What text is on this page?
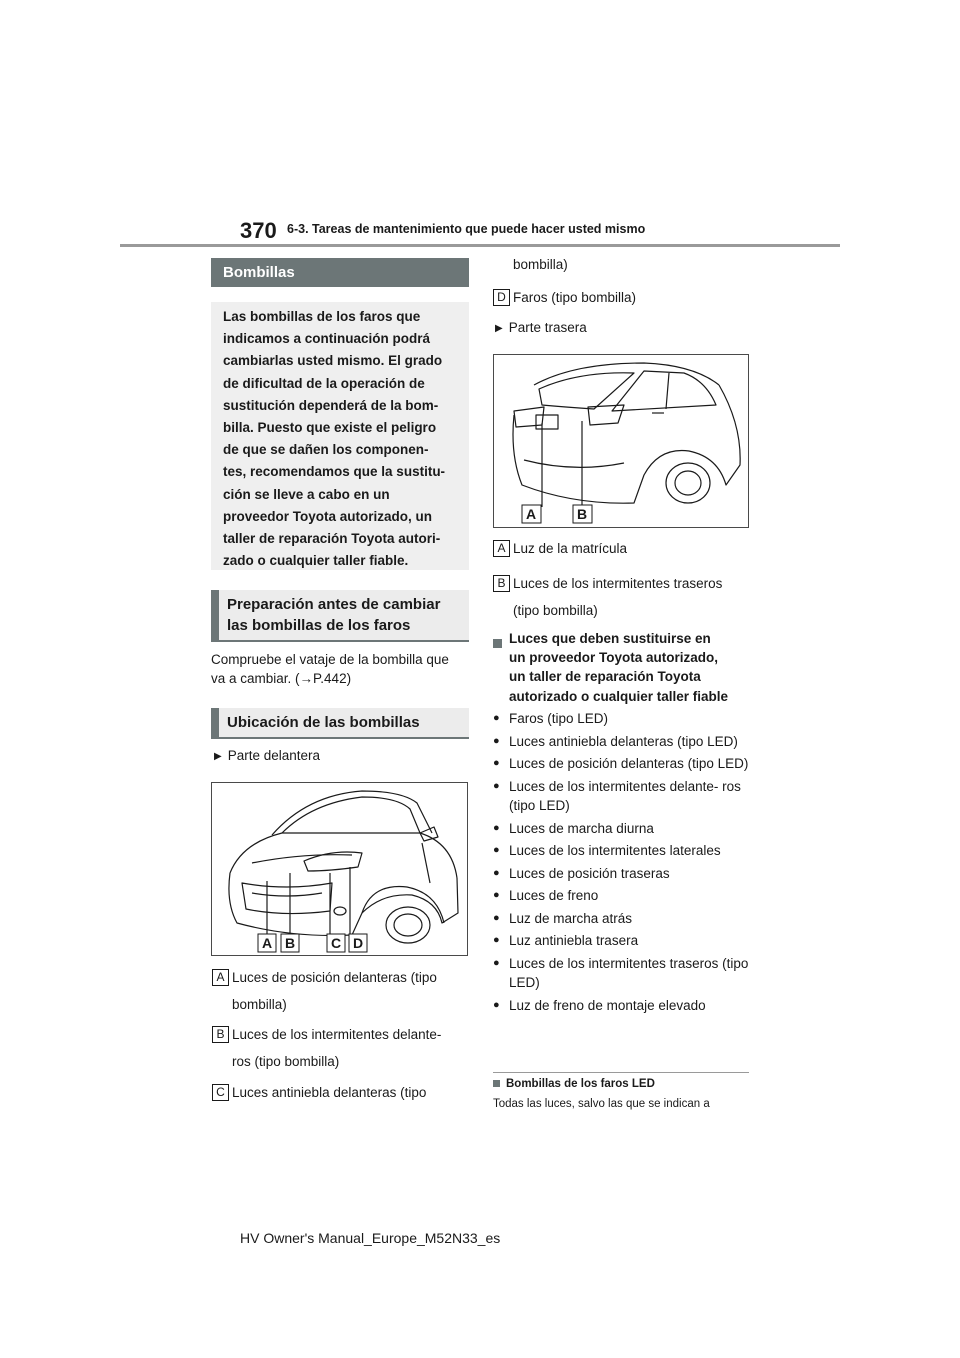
370 6-3. Tareas de mantenimiento que puede hacer usted mismo
Bombillas
Las bombillas de los faros que
indicamos a continuación podrá
cambiarlas usted mismo. El grado
de dificultad de la operación de
sustitución dependerá de la bom-
billa. Puesto que existe el peligro
de que se dañen los componen-
tes, recomendamos que la sustitu-
ción se lleve a cabo en un
proveedor Toyota autorizado, un
taller de reparación Toyota autori-
zado o cualquier taller fiable.
Preparación antes de cambiar
las bombillas de los faros
Compruebe el vataje de la bombilla que
va a cambiar. (→P.442)
Ubicación de las bombillas
▶ Parte delantera
A B	C D
A Luces de posición delanteras (tipo
bombilla)
B Luces de los intermitentes delante-
ros (tipo bombilla)
C Luces antiniebla delanteras (tipo
bombilla)
D Faros (tipo bombilla)
▶ Parte trasera
A	B
A Luz de la matrícula
B Luces de los intermitentes traseros
(tipo bombilla)
Luces que deben sustituirse en
un proveedor Toyota autorizado,
un taller de reparación Toyota
autorizado o cualquier taller fiable
● Faros (tipo LED)
● Luces antiniebla delanteras (tipo LED)
● Luces de posición delanteras (tipo LED)
● Luces de los intermitentes delante- ros (tipo LED)
● Luces de marcha diurna
● Luces de los intermitentes laterales
● Luces de posición traseras
● Luces de freno
● Luz de marcha atrás
● Luz antiniebla trasera
● Luces de los intermitentes traseros (tipo LED)
● Luz de freno de montaje elevado
Bombillas de los faros LED
Todas las luces, salvo las que se indican a
HV Owner's Manual_Europe_M52N33_es
